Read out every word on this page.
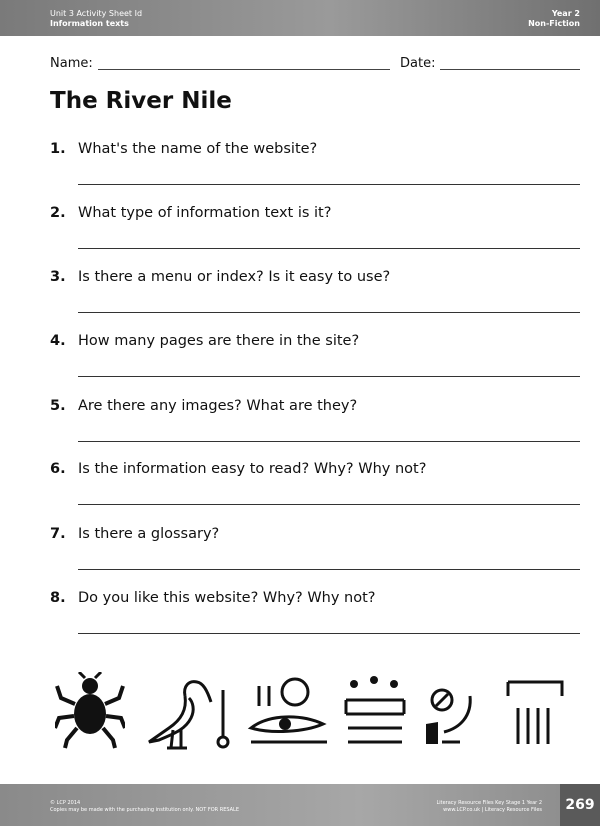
Unit 3 Activity Sheet Id
Information texts
Year 2
Non-Fiction
Name:	Date:
The River Nile
1. What's the name of the website?
2. What type of information text is it?
3. Is there a menu or index? Is it easy to use?
4. How many pages are there in the site?
5. Are there any images? What are they?
6. Is the information easy to read? Why? Why not?
7. Is there a glossary?
8. Do you like this website? Why? Why not?
© LCP 2014
Copies may be made with the purchasing institution only. NOT FOR RESALE
Literacy Resource Files Key Stage 1 Year 2
www.LCP.co.uk | Literacy Resource Files	269
